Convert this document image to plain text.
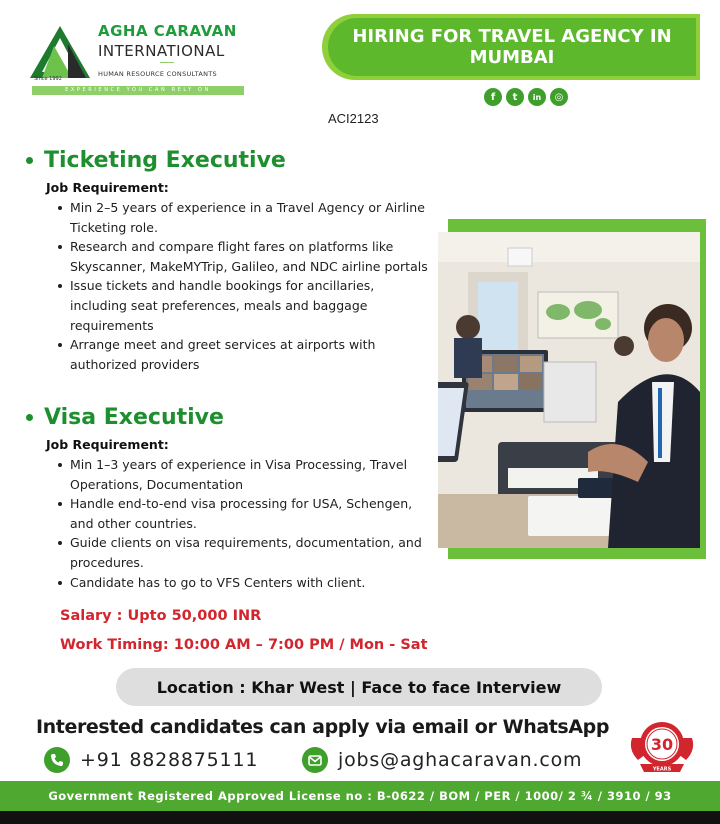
Since 1992
AGHA CARAVAN
INTERNATIONAL
HUMAN RESOURCE CONSULTANTS
EXPERIENCE YOU CAN RELY ON
HIRING FOR TRAVEL AGENCY IN MUMBAI
f	t	in	◎
ACI2123
Ticketing Executive
Job Requirement:
Min 2–5 years of experience in a Travel Agency or Airline Ticketing role.
Research and compare flight fares on platforms like Skyscanner, MakeMYTrip, Galileo, and NDC airline portals
Issue tickets and handle bookings for ancillaries, including seat preferences, meals and baggage requirements
Arrange meet and greet services at airports with authorized providers
Visa Executive
Job Requirement:
Min 1–3 years of experience in Visa Processing, Travel Operations, Documentation
Handle end-to-end visa processing for USA, Schengen, and other countries.
Guide clients on visa requirements, documentation, and procedures.
Candidate has to go to VFS Centers with client.
Salary : Upto 50,000 INR
Work Timing: 10:00 AM – 7:00 PM / Mon - Sat
Location : Khar West | Face to face Interview
Interested candidates can apply via email or WhatsApp
+91 8828875111	jobs@aghacaravan.com
30
YEARS
Government Registered Approved License no : B-0622 / BOM / PER / 1000/ 2 ¾ / 3910 / 93
